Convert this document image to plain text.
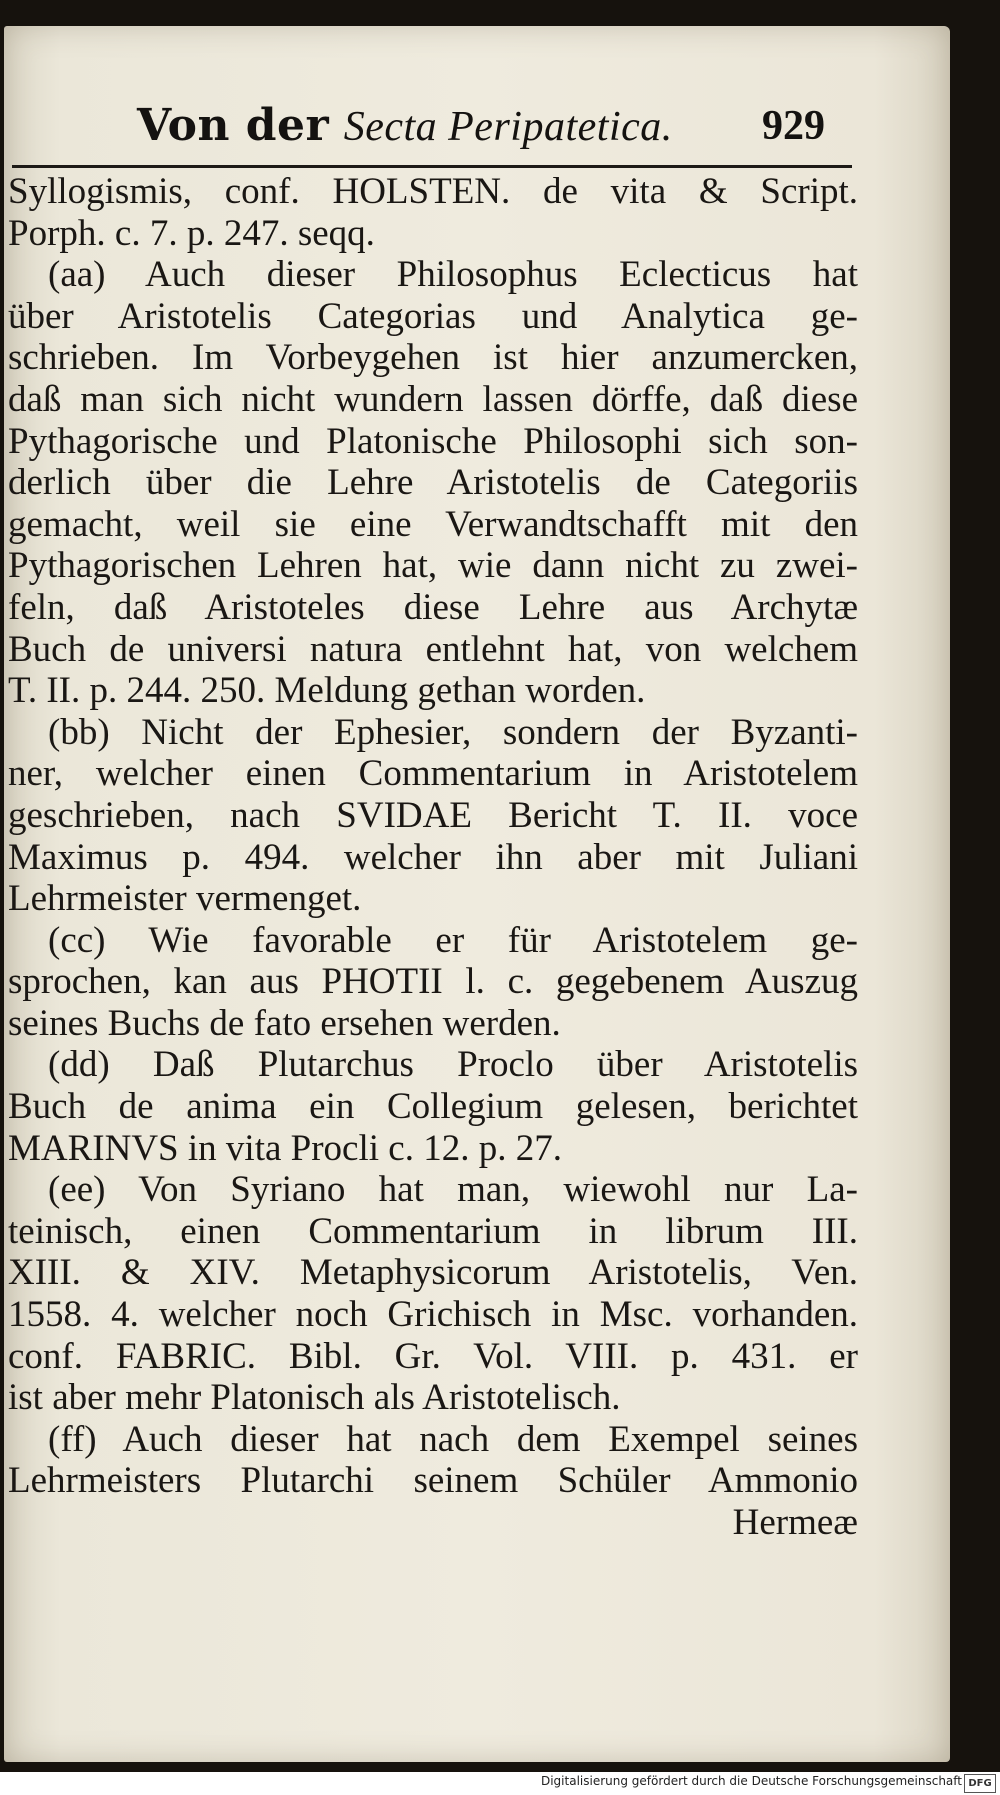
Von der Secta Peripatetica. 929
Syllogismis, conf. HOLSTEN. de vita & Script.
Porph. c. 7. p. 247. seqq.
(aa) Auch dieser Philosophus Eclecticus hat
über Aristotelis Categorias und Analytica ge-
schrieben. Im Vorbeygehen ist hier anzumercken,
daß man sich nicht wundern lassen dörffe, daß diese
Pythagorische und Platonische Philosophi sich son-
derlich über die Lehre Aristotelis de Categoriis
gemacht, weil sie eine Verwandtschafft mit den
Pythagorischen Lehren hat, wie dann nicht zu zwei-
feln, daß Aristoteles diese Lehre aus Archytæ
Buch de universi natura entlehnt hat, von welchem
T. II. p. 244. 250. Meldung gethan worden.
(bb) Nicht der Ephesier, sondern der Byzanti-
ner, welcher einen Commentarium in Aristotelem
geschrieben, nach SVIDAE Bericht T. II. voce
Maximus p. 494. welcher ihn aber mit Juliani
Lehrmeister vermenget.
(cc) Wie favorable er für Aristotelem ge-
sprochen, kan aus PHOTII l. c. gegebenem Auszug
seines Buchs de fato ersehen werden.
(dd) Daß Plutarchus Proclo über Aristotelis
Buch de anima ein Collegium gelesen, berichtet
MARINVS in vita Procli c. 12. p. 27.
(ee) Von Syriano hat man, wiewohl nur La-
teinisch, einen Commentarium in librum III.
XIII. & XIV. Metaphysicorum Aristotelis, Ven.
1558. 4. welcher noch Grichisch in Msc. vorhanden.
conf. FABRIC. Bibl. Gr. Vol. VIII. p. 431. er
ist aber mehr Platonisch als Aristotelisch.
(ff) Auch dieser hat nach dem Exempel seines
Lehrmeisters Plutarchi seinem Schüler Ammonio
Hermeæ
Digitalisierung gefördert durch die Deutsche Forschungsgemeinschaft DFG
